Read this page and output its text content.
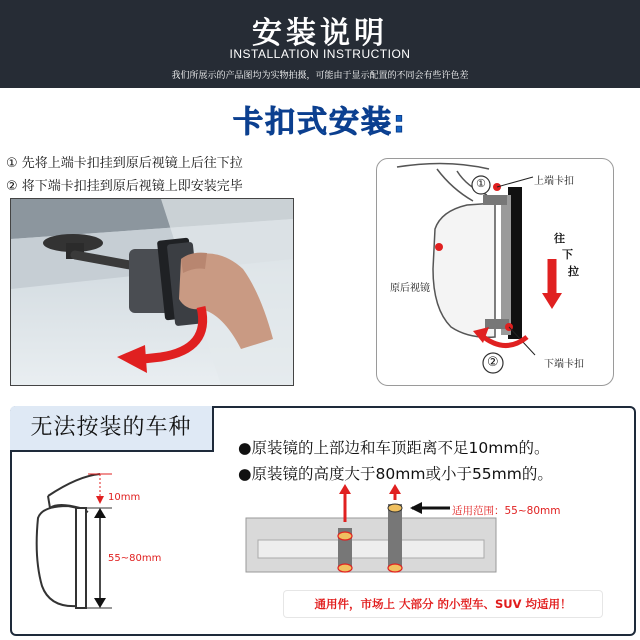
安装说明
INSTALLATION INSTRUCTION
我们所展示的产品图均为实物拍摄，可能由于显示配置的不同会有些许色差
卡扣式安装:
① 先将上端卡扣挂到原后视镜上后往下拉
② 将下端卡扣挂到原后视镜上即安装完毕	①
②
上端卡扣
下端卡扣
原后视镜
往
下
拉
无法按装的车种
●原装镜的上部边和车顶距离不足10mm的。
●原装镜的高度大于80mm或小于55mm的。
10mm
55~80mm
适用范围：55~80mm
通用件，市场上 大部分 的小型车、SUV 均适用！
